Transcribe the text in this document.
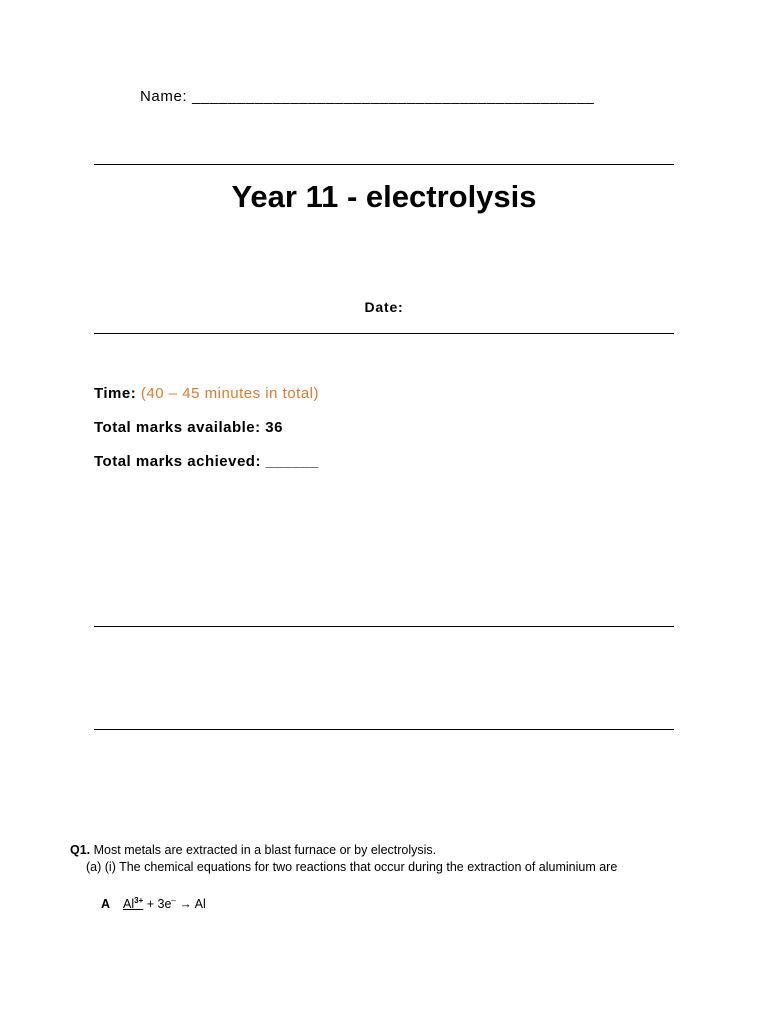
Name: _____________________________________________
Year 11 - electrolysis
Date:
Time: (40 – 45 minutes in total)
Total marks available: 36
Total marks achieved: ______
Q1. Most metals are extracted in a blast furnace or by electrolysis.
(a) (i) The chemical equations for two reactions that occur during the extraction of aluminium are
A $Al^{3+} + 3e^- \to Al$
